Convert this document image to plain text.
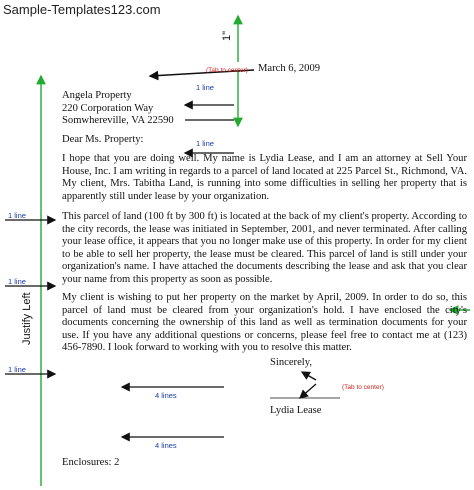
Sample-Templates123.com
1"
(Tab to center)
1 line
1 line
1 line
1 line
1 line
4 lines
4 lines
(Tab to center)
Justify Left
March 6, 2009
Angela Property
220 Corporation Way
Somwhereville, VA 22590
Dear Ms. Property:
I hope that you are doing well. My name is Lydia Lease, and I am an attorney at Sell Your House, Inc. I am writing in regards to a parcel of land located at 225 Parcel St., Richmond, VA. My client, Mrs. Tabitha Land, is running into some difficulties in selling her property that is apparently still under lease by your organization.
This parcel of land (100 ft by 300 ft) is located at the back of my client's property. According to the city records, the lease was initiated in September, 2001, and never terminated. After calling your lease office, it appears that you no longer make use of this property. In order for my client to be able to sell her property, the lease must be cleared. This parcel of land is still under your organization's name. I have attached the documents describing the lease and ask that you clear your name from this property as soon as possible.
My client is wishing to put her property on the market by April, 2009. In order to do so, this parcel of land must be cleared from your organization's hold. I have enclosed the city's documents concerning the ownership of this land as well as termination documents for your use. If you have any additional questions or concerns, please feel free to contact me at (123) 456-7890. I look forward to working with you to resolve this matter.
Sincerely,
Lydia Lease
Enclosures: 2
